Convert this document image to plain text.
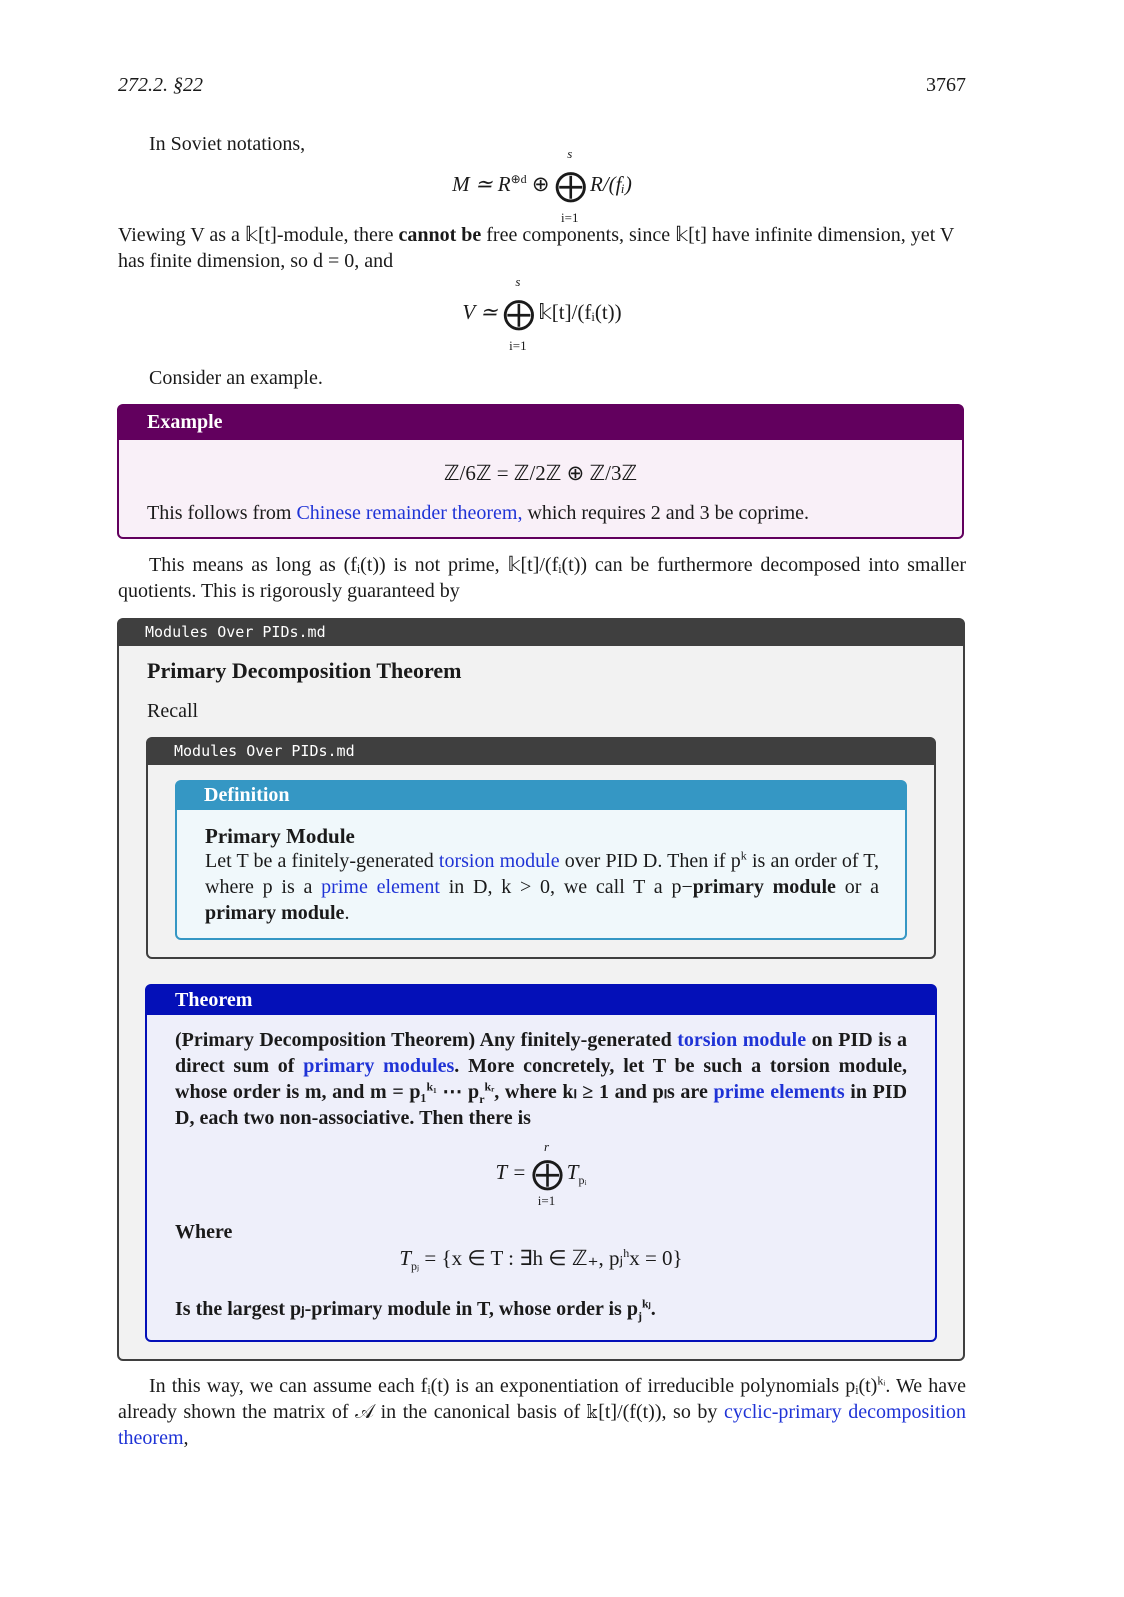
272.2. §22	3767
In Soviet notations,
M ≃ $R^{\oplus d}$ ⊕
s
⨁
i=1
R/(fᵢ)
Viewing V as a 𝕜[t]-module, there cannot be free components, since 𝕜[t] have infinite dimension, yet V has finite dimension, so d = 0, and
V ≃
s
⨁
i=1
𝕜[t]/(fᵢ(t))
Consider an example.
Example
ℤ/6ℤ = ℤ/2ℤ ⊕ ℤ/3ℤ
This follows from Chinese remainder theorem, which requires 2 and 3 be coprime.
This means as long as (fᵢ(t)) is not prime, 𝕜[t]/(fᵢ(t)) can be furthermore decomposed into smaller quotients. This is rigorously guaranteed by
Modules Over PIDs.md
Primary Decomposition Theorem
Recall
Modules Over PIDs.md
Definition
Primary Module
Let T be a finitely-generated torsion module over PID D. Then if $p^k$ is an order of T, where p is a prime element in D, k > 0, we call T a p−primary module or a primary module.
Theorem
(Primary Decomposition Theorem) Any finitely-generated torsion module on PID is a direct sum of primary modules. More concretely, let T be such a torsion module, whose order is m, and m = p₁$^{k_1}$ ⋯ $p_r^{kᵣ}$, where kₗ ≥ 1 and pₗs are prime elements in PID D, each two non-associative. Then there is
T =
r
⨁
i=1
$T_{pᵢ}$
Where
$T_{pⱼ} = \{x$ ∈ T : ∃h ∈ ℤ₊, pⱼ$^h$x = 0}
Is the largest pⱼ-primary module in T, whose order is $p_j^{kⱼ}$.
In this way, we can assume each fᵢ(t) is an exponentiation of irreducible polynomials $pᵢ(t)^{kᵢ}$. We have already shown the matrix of 𝒜 in the canonical basis of 𝕜[t]/(f(t)), so by cyclic-primary decomposition theorem,
